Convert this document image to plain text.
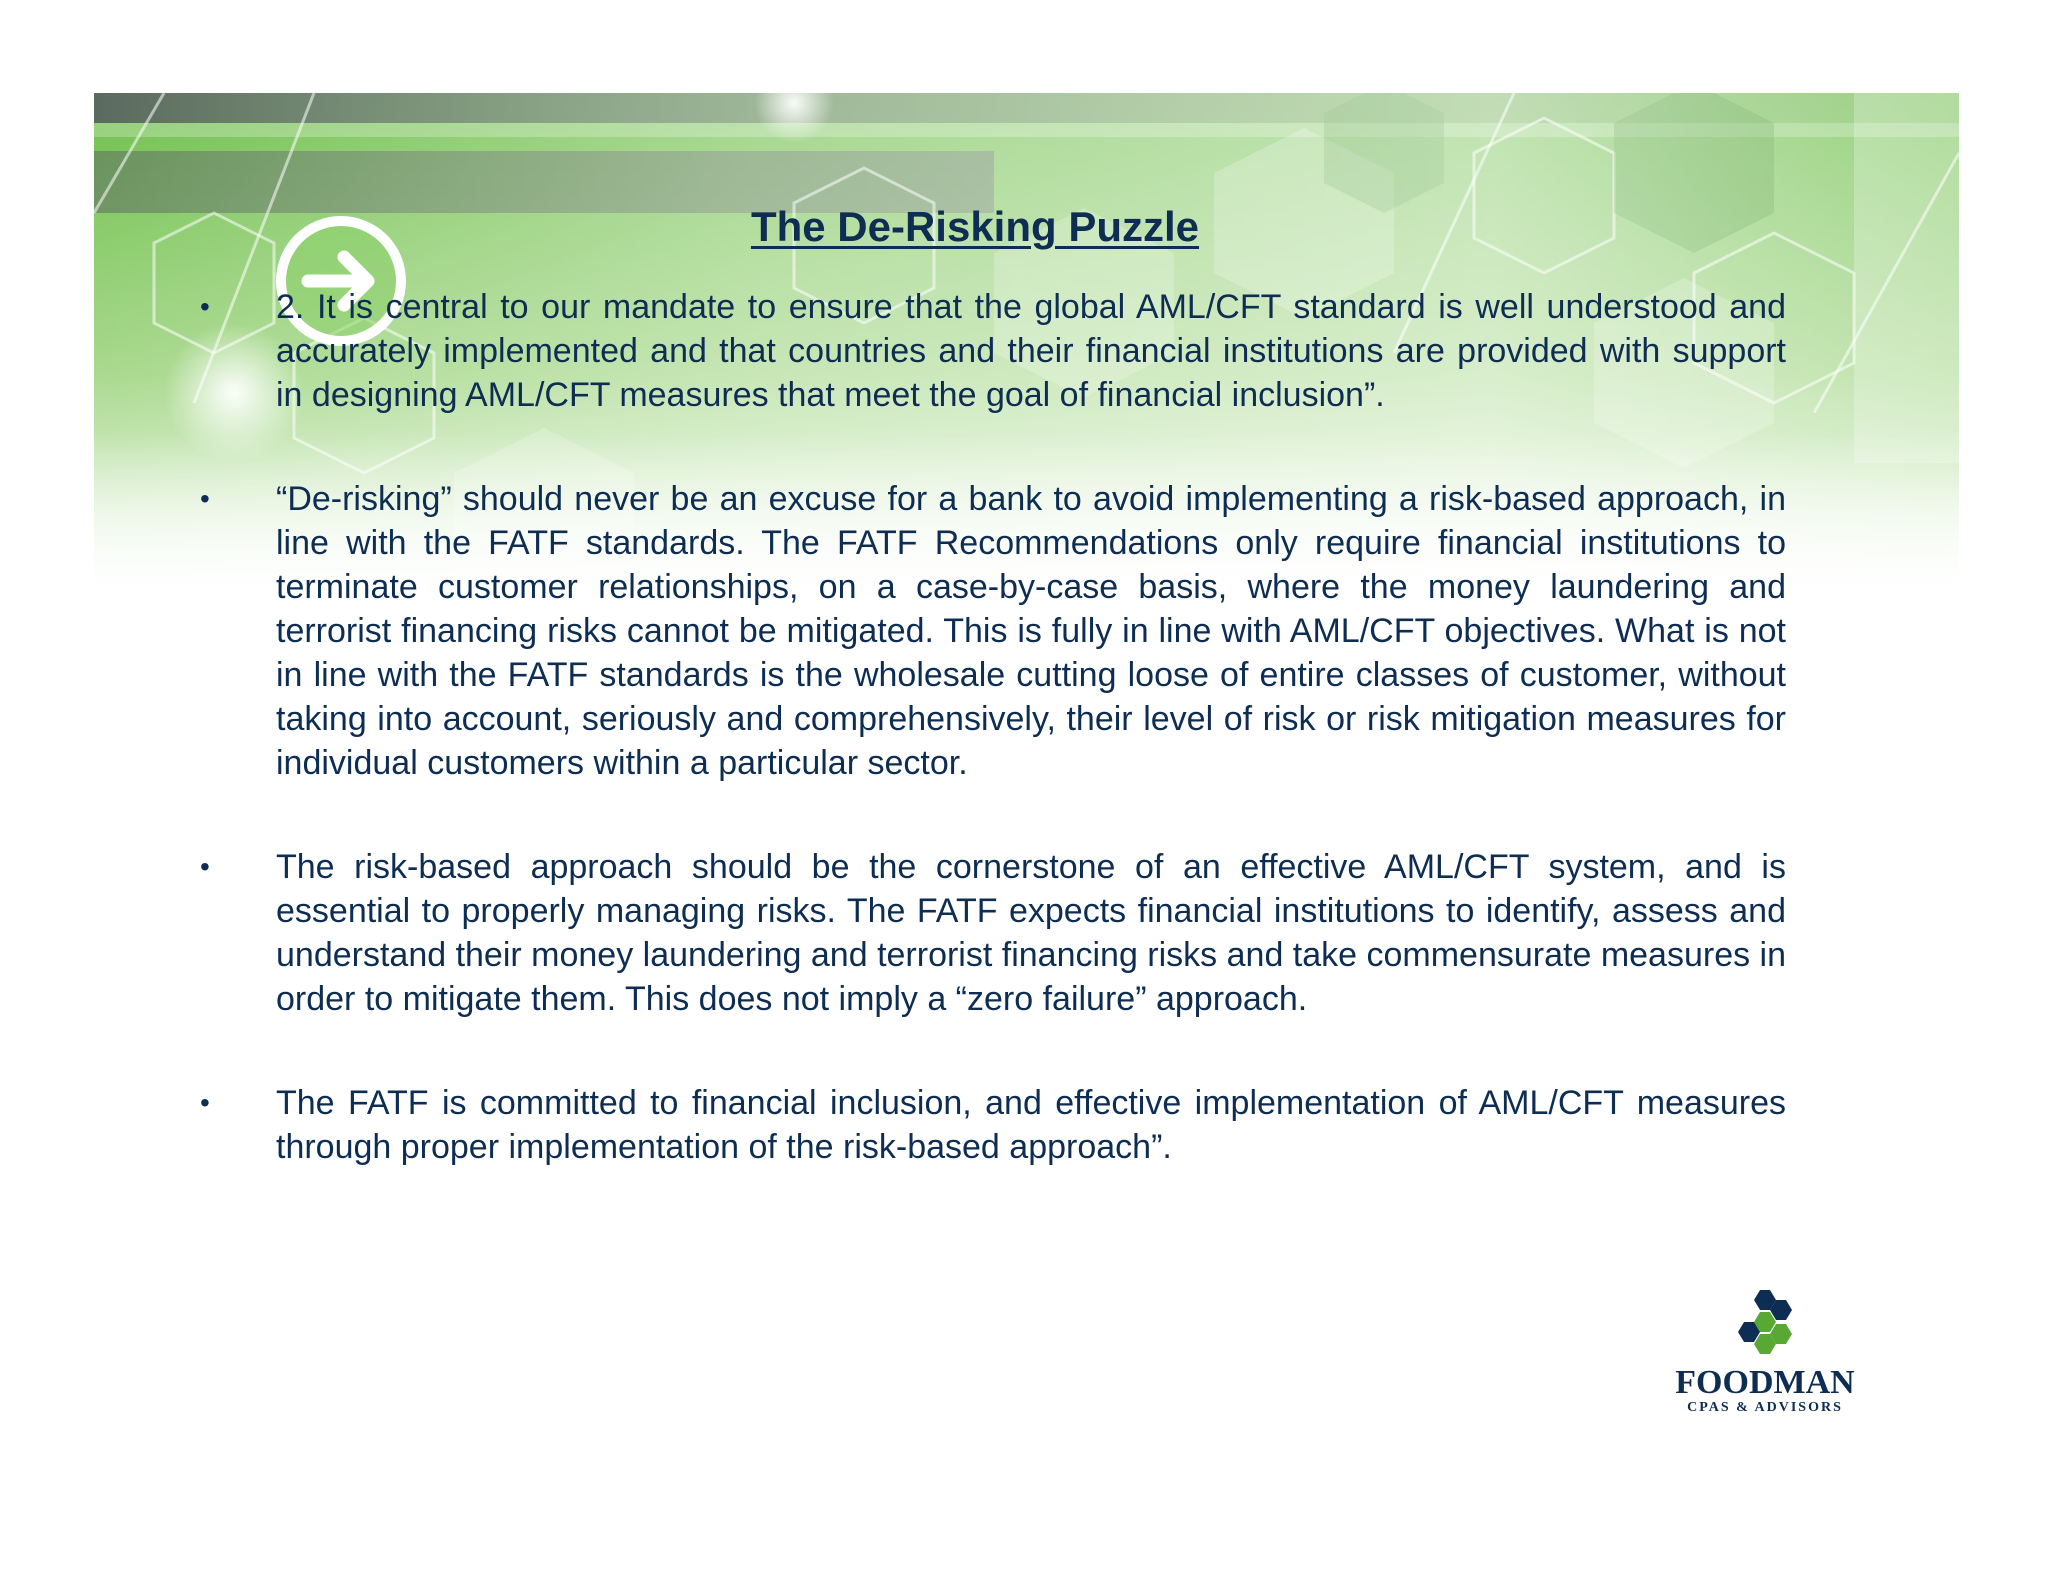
The De-Risking Puzzle
• 2. It is central to our mandate to ensure that the global AML/CFT standard is well understood and accurately implemented and that countries and their financial institutions are provided with support in designing AML/CFT measures that meet the goal of financial inclusion”.
• “De-risking” should never be an excuse for a bank to avoid implementing a risk-based approach, in line with the FATF standards. The FATF Recommendations only require financial institutions to terminate customer relationships, on a case-by-case basis, where the money laundering and terrorist financing risks cannot be mitigated. This is fully in line with AML/CFT objectives. What is not in line with the FATF standards is the wholesale cutting loose of entire classes of customer, without taking into account, seriously and comprehensively, their level of risk or risk mitigation measures for individual customers within a particular sector.
• The risk-based approach should be the cornerstone of an effective AML/CFT system, and is essential to properly managing risks. The FATF expects financial institutions to identify, assess and understand their money laundering and terrorist financing risks and take commensurate measures in order to mitigate them. This does not imply a “zero failure” approach.
• The FATF is committed to financial inclusion, and effective implementation of AML/CFT measures through proper implementation of the risk-based approach”.
FOODMAN
CPAS & ADVISORS
